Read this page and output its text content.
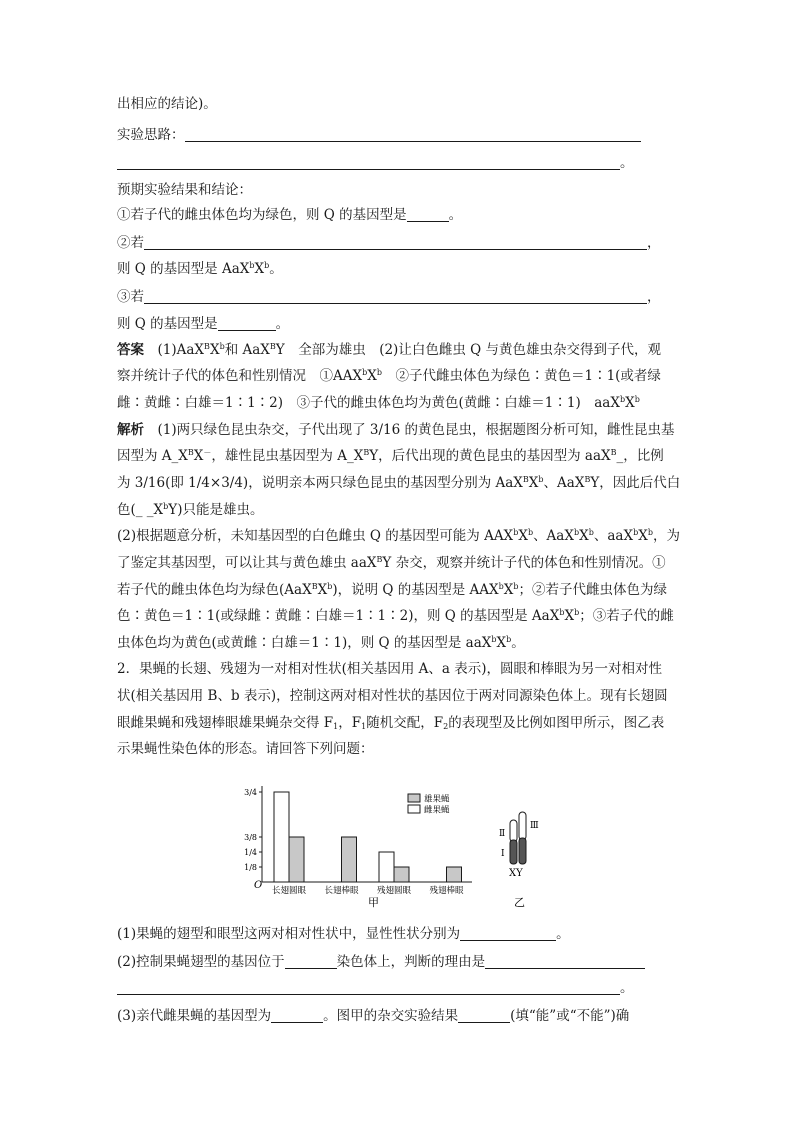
出相应的结论)。
实验思路：
。
预期实验结果和结论：
①若子代的雌虫体色均为绿色，则 Q 的基因型是	。
②若	，
则 Q 的基因型是 $AaX^bX^b$。
③若	，
则 Q 的基因型是	。
答案　 $(1)AaX^BX^b$和 AaX$^B$Y　全部为雄虫　(2)让白色雌虫 Q 与黄色雄虫杂交得到子代，观
察并统计子代的体色和性别情况　$①AAX^bX^b$　②子代雌虫体色为绿色∶黄色＝1∶1(或者绿
雌∶黄雌∶白雄＝1∶1∶2)　③子代的雌虫体色均为黄色(黄雌∶白雄＝1∶1)　$aaX^bX^b$
解析　 (1)两只绿色昆虫杂交，子代出现了 3/16 的黄色昆虫，根据题图分析可知，雌性昆虫基
因型为 $A\_X^BX^-$，雄性昆虫基因型为 $A\_X^BY$，后代出现的黄色昆虫的基因型为 aaX$^B$_，比例
为 3/16(即 1/4×3/4)，说明亲本两只绿色昆虫的基因型分别为 $AaX^BX^b$、AaX$^B$Y，因此后代白
色(_ $\_X^bY$)只能是雄虫。
(2)根据题意分析，未知基因型的白色雌虫 Q 的基因型可能为 $AAX^bX^b$、$AaX^bX^b$、$aaX^bX^b$，为
了鉴定其基因型，可以让其与黄色雄虫 aaX$^B$Y 杂交，观察并统计子代的体色和性别情况。①
若子代的雌虫体色均为绿色$(AaX^BX^b)$，说明 Q 的基因型是 $AAX^bX^b$；②若子代雌虫体色为绿
色∶黄色＝1∶1(或绿雌∶黄雌∶白雄＝1∶1∶2)，则 Q 的基因型是 $AaX^bX^b$；③若子代的雌
虫体色均为黄色(或黄雌∶白雄＝1∶1)，则 Q 的基因型是 $aaX^bX^b$。
2．果蝇的长翅、残翅为一对相对性状(相关基因用 A、a 表示)，圆眼和棒眼为另一对相对性
状(相关基因用 B、b 表示)，控制这两对相对性状的基因位于两对同源染色体上。现有长翅圆
眼雌果蝇和残翅棒眼雄果蝇杂交得 $F_1$，$F_1$随机交配，$F_2$的表现型及比例如图甲所示，图乙表
示果蝇性染色体的形态。请回答下列问题：
3/4
3/8
1/4
1/8
长翅圆眼 长翅棒眼 残翅圆眼 残翅棒眼
雄果蝇
雌果蝇
O
甲
Ⅱ
Ⅰ
Ⅲ
XY
乙
(1)果蝇的翅型和眼型这两对相对性状中，显性性状分别为	。
(2)控制果蝇翅型的基因位于	染色体上，判断的理由是
。
(3)亲代雌果蝇的基因型为	。图甲的杂交实验结果	(填“能”或“不能”)确
